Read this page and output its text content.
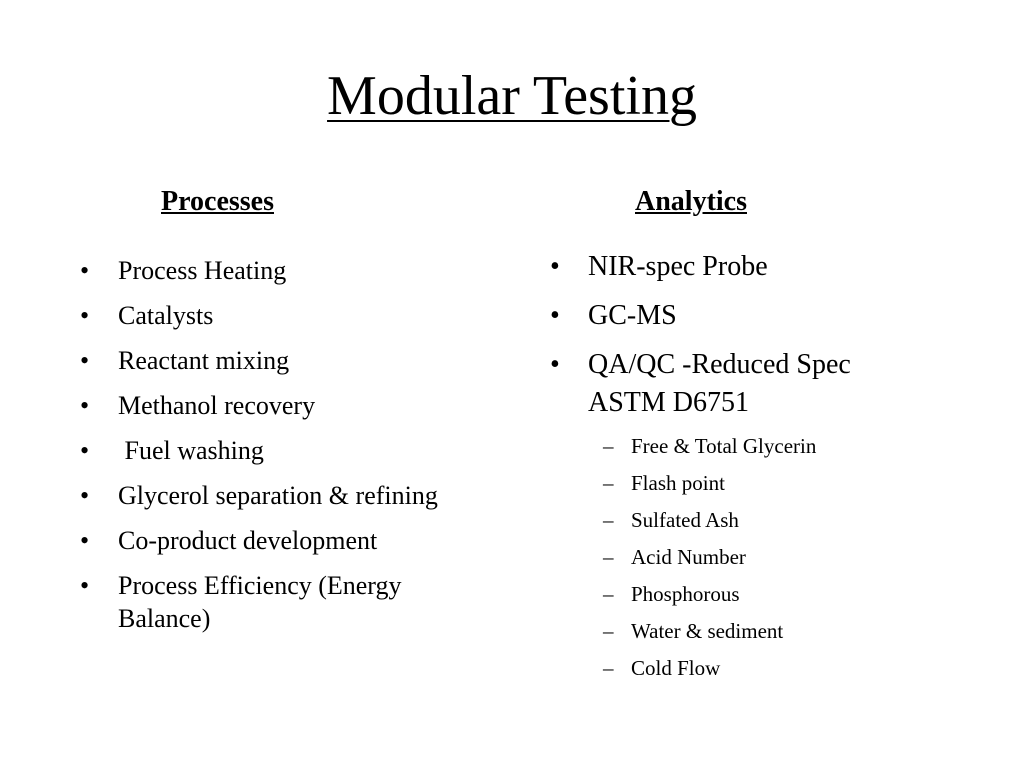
Modular Testing
Processes	Analytics
• Process Heating
• Catalysts
• Reactant mixing
• Methanol recovery
•  Fuel washing
• Glycerol separation & refining
• Co-product development
• Process Efficiency (Energy Balance)
• NIR-spec Probe
• GC-MS
• QA/QC -Reduced Spec ASTM D6751
– Free & Total Glycerin
– Flash point
– Sulfated Ash
– Acid Number
– Phosphorous
– Water & sediment
– Cold Flow
